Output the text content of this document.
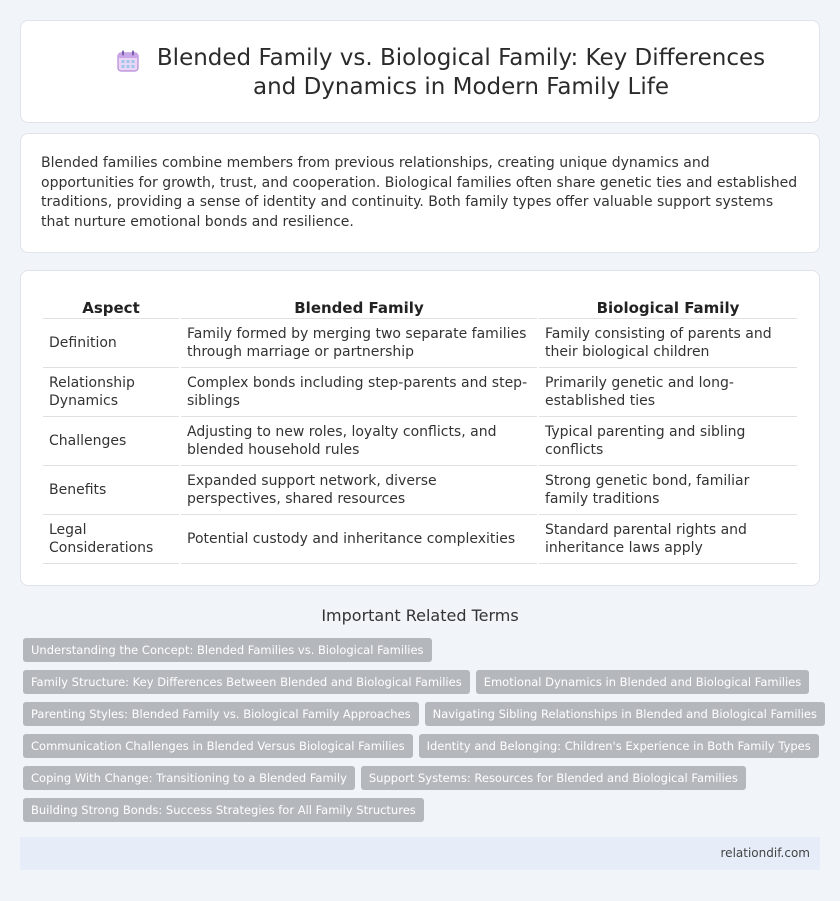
Blended Family vs. Biological Family: Key Differences and Dynamics in Modern Family Life

Blended families combine members from previous relationships, creating unique dynamics and opportunities for growth, trust, and cooperation. Biological families often share genetic ties and established traditions, providing a sense of identity and continuity. Both family types offer valuable support systems that nurture emotional bonds and resilience.

Aspect	Blended Family	Biological Family
Definition	Family formed by merging two separate families through marriage or partnership	Family consisting of parents and their biological children
Relationship Dynamics	Complex bonds including step-parents and step-siblings	Primarily genetic and long-established ties
Challenges	Adjusting to new roles, loyalty conflicts, and blended household rules	Typical parenting and sibling conflicts
Benefits	Expanded support network, diverse perspectives, shared resources	Strong genetic bond, familiar family traditions
Legal Considerations	Potential custody and inheritance complexities	Standard parental rights and inheritance laws apply
Important Related Terms
Understanding the Concept: Blended Families vs. Biological Families
Family Structure: Key Differences Between Blended and Biological Families	Emotional Dynamics in Blended and Biological Families
Parenting Styles: Blended Family vs. Biological Family Approaches	Navigating Sibling Relationships in Blended and Biological Families
Communication Challenges in Blended Versus Biological Families	Identity and Belonging: Children's Experience in Both Family Types
Coping With Change: Transitioning to a Blended Family	Support Systems: Resources for Blended and Biological Families
Building Strong Bonds: Success Strategies for All Family Structures
relationdif.com
